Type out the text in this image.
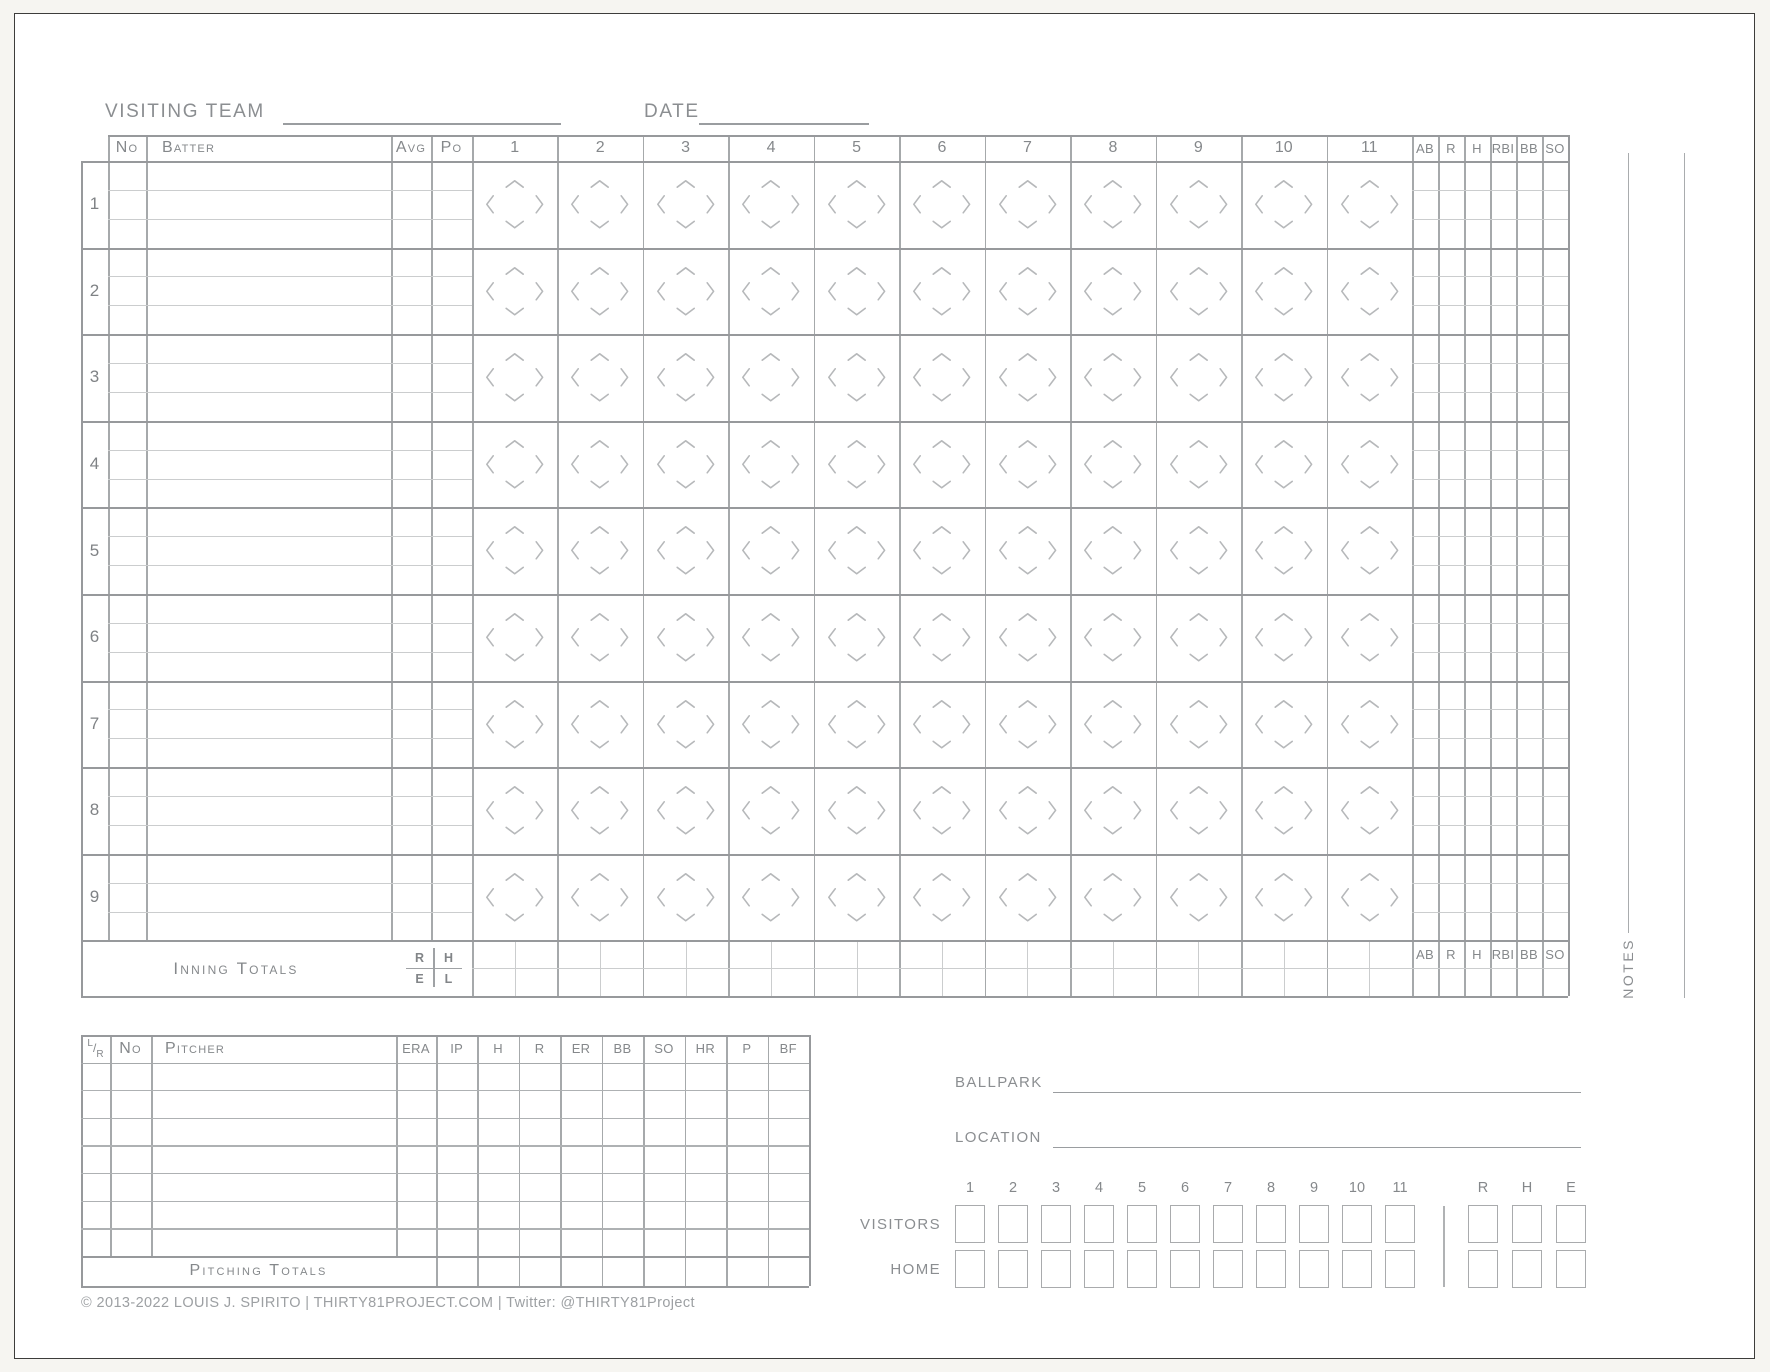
VISITING TEAM	DATE
Inning Totals
R	H
E	L	NOTES
Pitching Totals
$^L/_R$
BALLPARK
LOCATION
VISITORS
HOME
© 2013-2022 LOUIS J. SPIRITO | THIRTY81PROJECT.COM | Twitter: @THIRTY81Project
No	Batter	Avg Po	1	2	3	4	5	6	7	8	9	10	11	AB R	H RBI BB SO
1
2
3
4
5
6
7
8
9
AB R	H RBI BB SO
No	Pitcher	ERA	IP	H	R	ER	BB	SO	HR	P	BF
1	2	3	4	5	6	7	8	9	10	11	R	H	E
